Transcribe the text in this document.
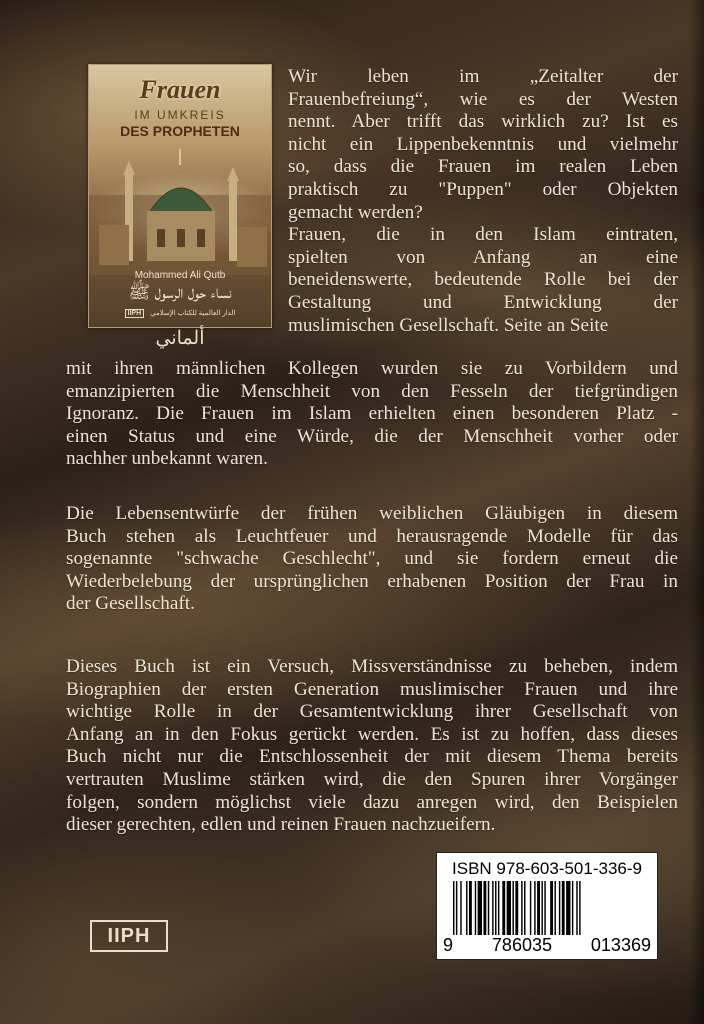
Frauen
IM UMKREIS
DES PROPHETEN
Mohammed Ali Qutb
نساء حول الرسول ﷺ
IIPH	الدار العالمية للكتاب الإسلامي
ألماني
Wir leben im „Zeitalter der
Frauenbefreiung“, wie es der Westen
nennt. Aber trifft das wirklich zu? Ist es
nicht ein Lippenbekenntnis und vielmehr
so, dass die Frauen im realen Leben
praktisch zu "Puppen" oder Objekten
gemacht werden?
Frauen, die in den Islam eintraten,
spielten von Anfang an eine
beneidenswerte, bedeutende Rolle bei der
Gestaltung und Entwicklung der
muslimischen Gesellschaft. Seite an Seite
mit ihren männlichen Kollegen wurden sie zu Vorbildern und
emanzipierten die Menschheit von den Fesseln der tiefgründigen
Ignoranz. Die Frauen im Islam erhielten einen besonderen Platz -
einen Status und eine Würde, die der Menschheit vorher oder
nachher unbekannt waren.
Die Lebensentwürfe der frühen weiblichen Gläubigen in diesem
Buch stehen als Leuchtfeuer und herausragende Modelle für das
sogenannte "schwache Geschlecht", und sie fordern erneut die
Wiederbelebung der ursprünglichen erhabenen Position der Frau in
der Gesellschaft.
Dieses Buch ist ein Versuch, Missverständnisse zu beheben, indem
Biographien der ersten Generation muslimischer Frauen und ihre
wichtige Rolle in der Gesamtentwicklung ihrer Gesellschaft von
Anfang an in den Fokus gerückt werden. Es ist zu hoffen, dass dieses
Buch nicht nur die Entschlossenheit der mit diesem Thema bereits
vertrauten Muslime stärken wird, die den Spuren ihrer Vorgänger
folgen, sondern möglichst viele dazu anregen wird, den Beispielen
dieser gerechten, edlen und reinen Frauen nachzueifern.
ISBN 978-603-501-336-9
9 786035 013369
IIPH
